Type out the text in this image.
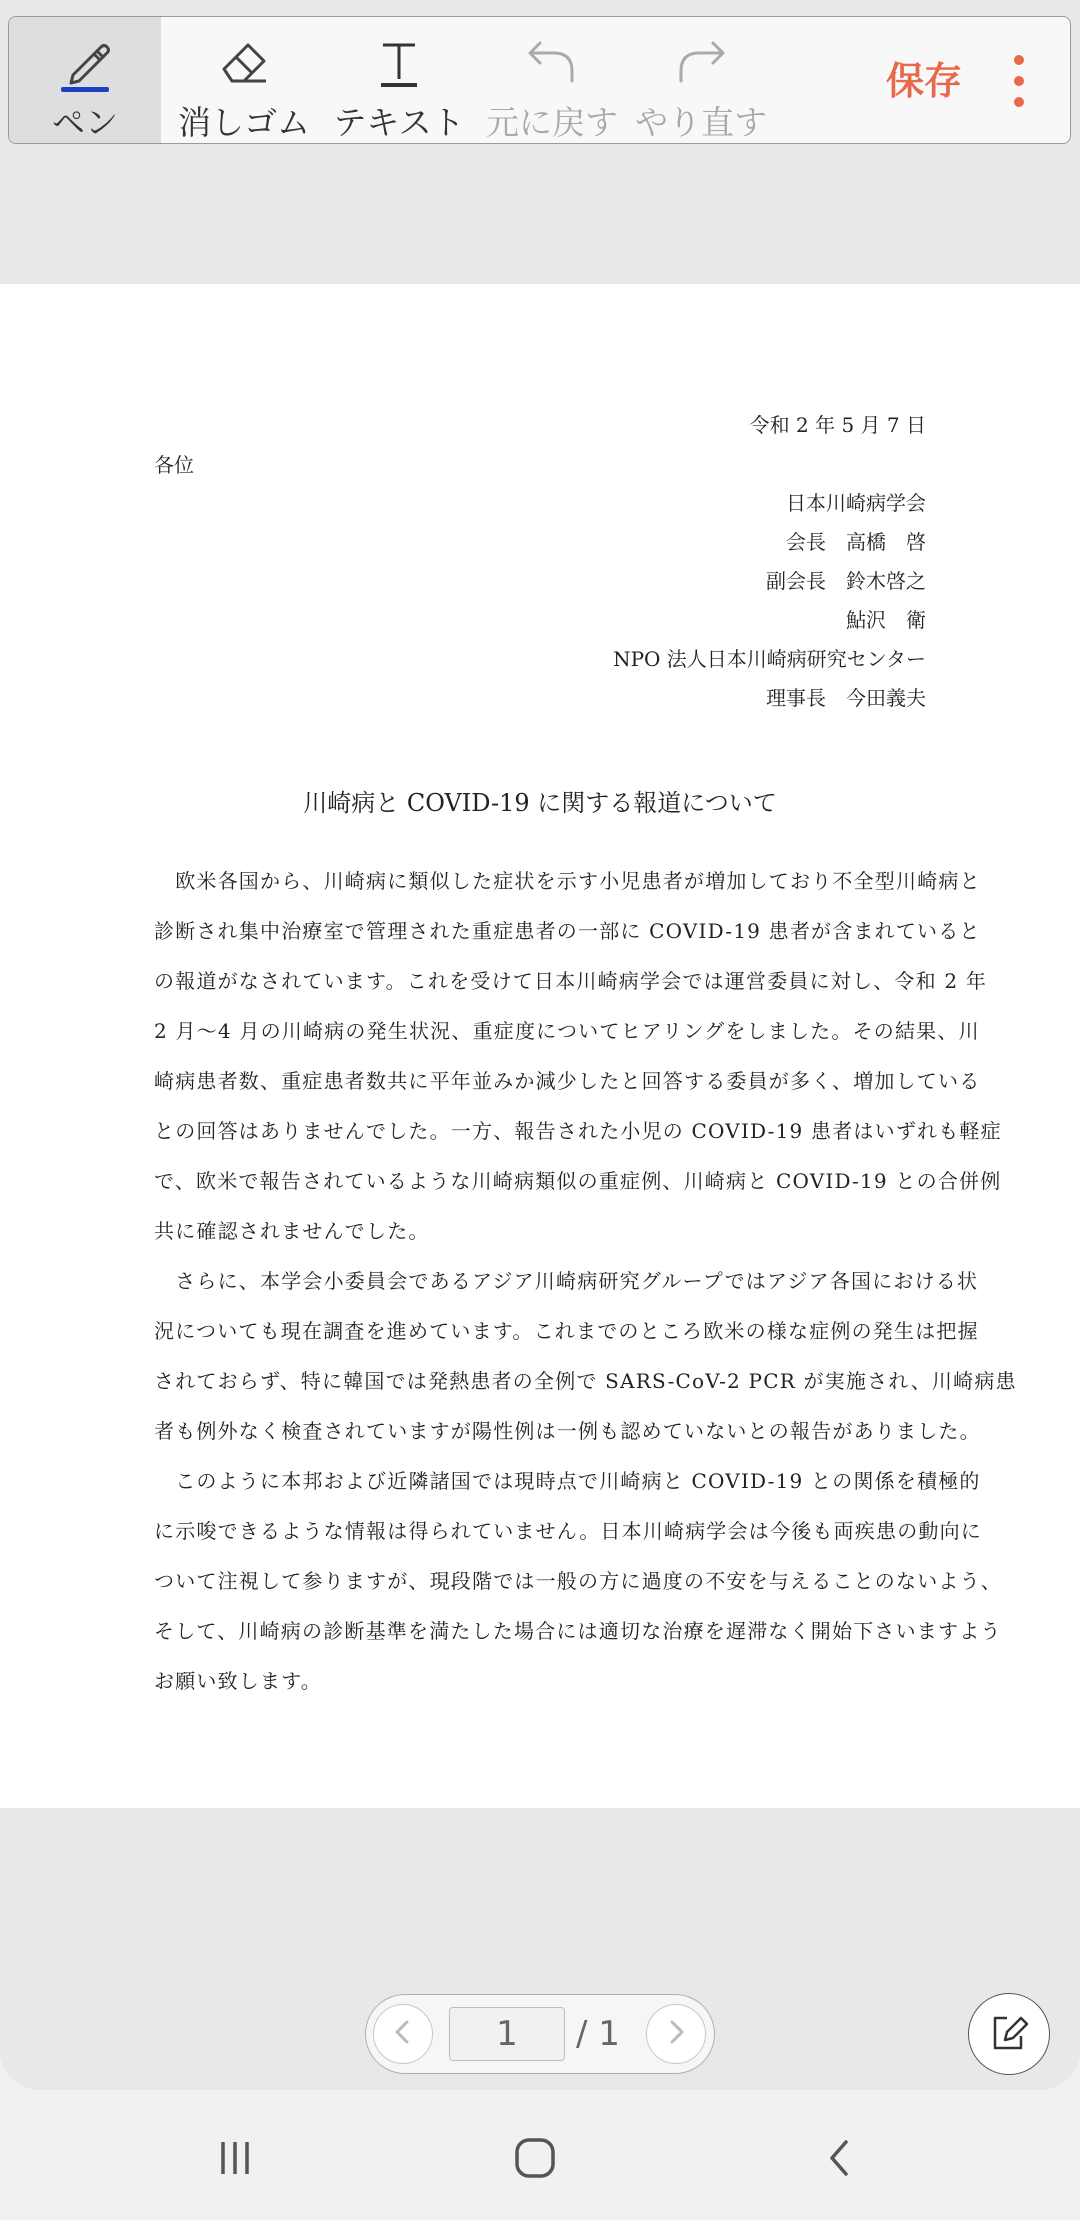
ペン	消しゴム テキスト 元に戻す やり直す
保存
令和 2 年 5 月 7 日
各位
日本川崎病学会
会長　高橋　啓
副会長　鈴木啓之
鮎沢　衛
NPO 法人日本川崎病研究センター
理事長　今田義夫
川崎病と COVID-19 に関する報道について

　欧米各国から、川崎病に類似した症状を示す小児患者が増加しており不全型川崎病と

診断され集中治療室で管理された重症患者の一部に COVID-19 患者が含まれていると

の報道がなされています。これを受けて日本川崎病学会では運営委員に対し、令和 2 年

2 月〜4 月の川崎病の発生状況、重症度についてヒアリングをしました。その結果、川

崎病患者数、重症患者数共に平年並みか減少したと回答する委員が多く、増加している

との回答はありませんでした。一方、報告された小児の COVID-19 患者はいずれも軽症

で、欧米で報告されているような川崎病類似の重症例、川崎病と COVID-19 との合併例

共に確認されませんでした。

　さらに、本学会小委員会であるアジア川崎病研究グループではアジア各国における状

況についても現在調査を進めています。これまでのところ欧米の様な症例の発生は把握

されておらず、特に韓国では発熱患者の全例で SARS-CoV-2 PCR が実施され、川崎病患

者も例外なく検査されていますが陽性例は一例も認めていないとの報告がありました。

　このように本邦および近隣諸国では現時点で川崎病と COVID-19 との関係を積極的

に示唆できるような情報は得られていません。日本川崎病学会は今後も両疾患の動向に

ついて注視して参りますが、現段階では一般の方に過度の不安を与えることのないよう、

そして、川崎病の診断基準を満たした場合には適切な治療を遅滞なく開始下さいますよう

お願い致します。

1	/ 1
